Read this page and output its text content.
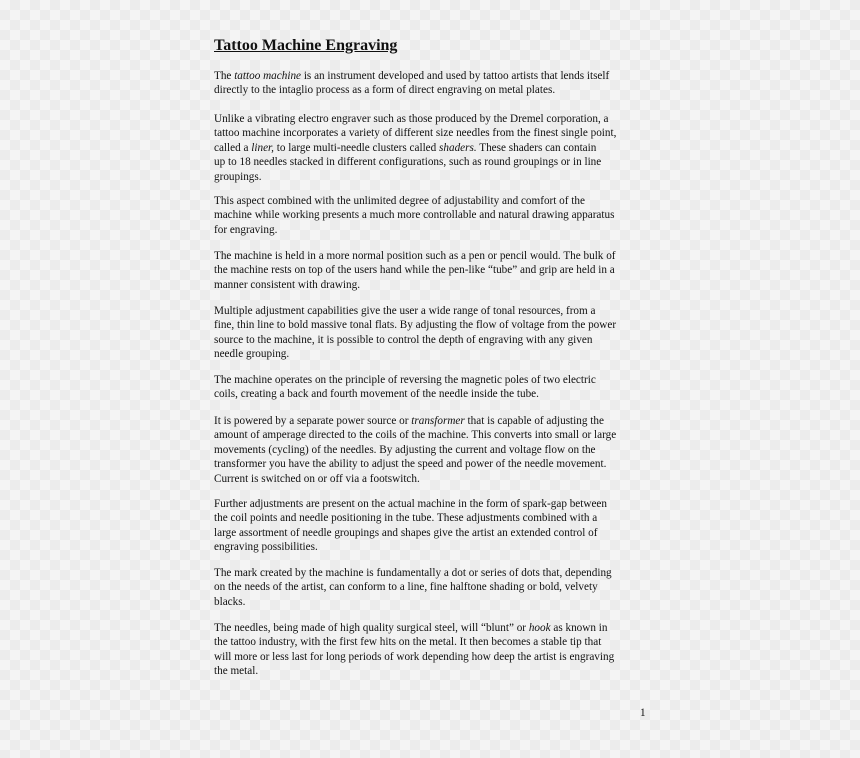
Tattoo Machine Engraving

The tattoo machine is an instrument developed and used by tattoo artists that lends itself
directly to the intaglio process as a form of direct engraving on metal plates.

Unlike a vibrating electro engraver such as those produced by the Dremel corporation, a
tattoo machine incorporates a variety of different size needles from the finest single point,
called a liner, to large multi-needle clusters called shaders. These shaders can contain
up to 18 needles stacked in different configurations, such as round groupings or in line
groupings.

This aspect combined with the unlimited degree of adjustability and comfort of the
machine while working presents a much more controllable and natural drawing apparatus
for engraving.

The machine is held in a more normal position such as a pen or pencil would. The bulk of
the machine rests on top of the users hand while the pen-like “tube” and grip are held in a
manner consistent with drawing.

Multiple adjustment capabilities give the user a wide range of tonal resources, from a
fine, thin line to bold massive tonal flats. By adjusting the flow of voltage from the power
source to the machine, it is possible to control the depth of engraving with any given
needle grouping.

The machine operates on the principle of reversing the magnetic poles of two electric
coils, creating a back and fourth movement of the needle inside the tube.

It is powered by a separate power source or transformer that is capable of adjusting the
amount of amperage directed to the coils of the machine. This converts into small or large
movements (cycling) of the needles. By adjusting the current and voltage flow on the
transformer you have the ability to adjust the speed and power of the needle movement.
Current is switched on or off via a footswitch.

Further adjustments are present on the actual machine in the form of spark-gap between
the coil points and needle positioning in the tube. These adjustments combined with a
large assortment of needle groupings and shapes give the artist an extended control of
engraving possibilities.

The mark created by the machine is fundamentally a dot or series of dots that, depending
on the needs of the artist, can conform to a line, fine halftone shading or bold, velvety
blacks.

The needles, being made of high quality surgical steel, will “blunt” or hook as known in
the tattoo industry, with the first few hits on the metal. It then becomes a stable tip that
will more or less last for long periods of work depending how deep the artist is engraving
the metal.

1
